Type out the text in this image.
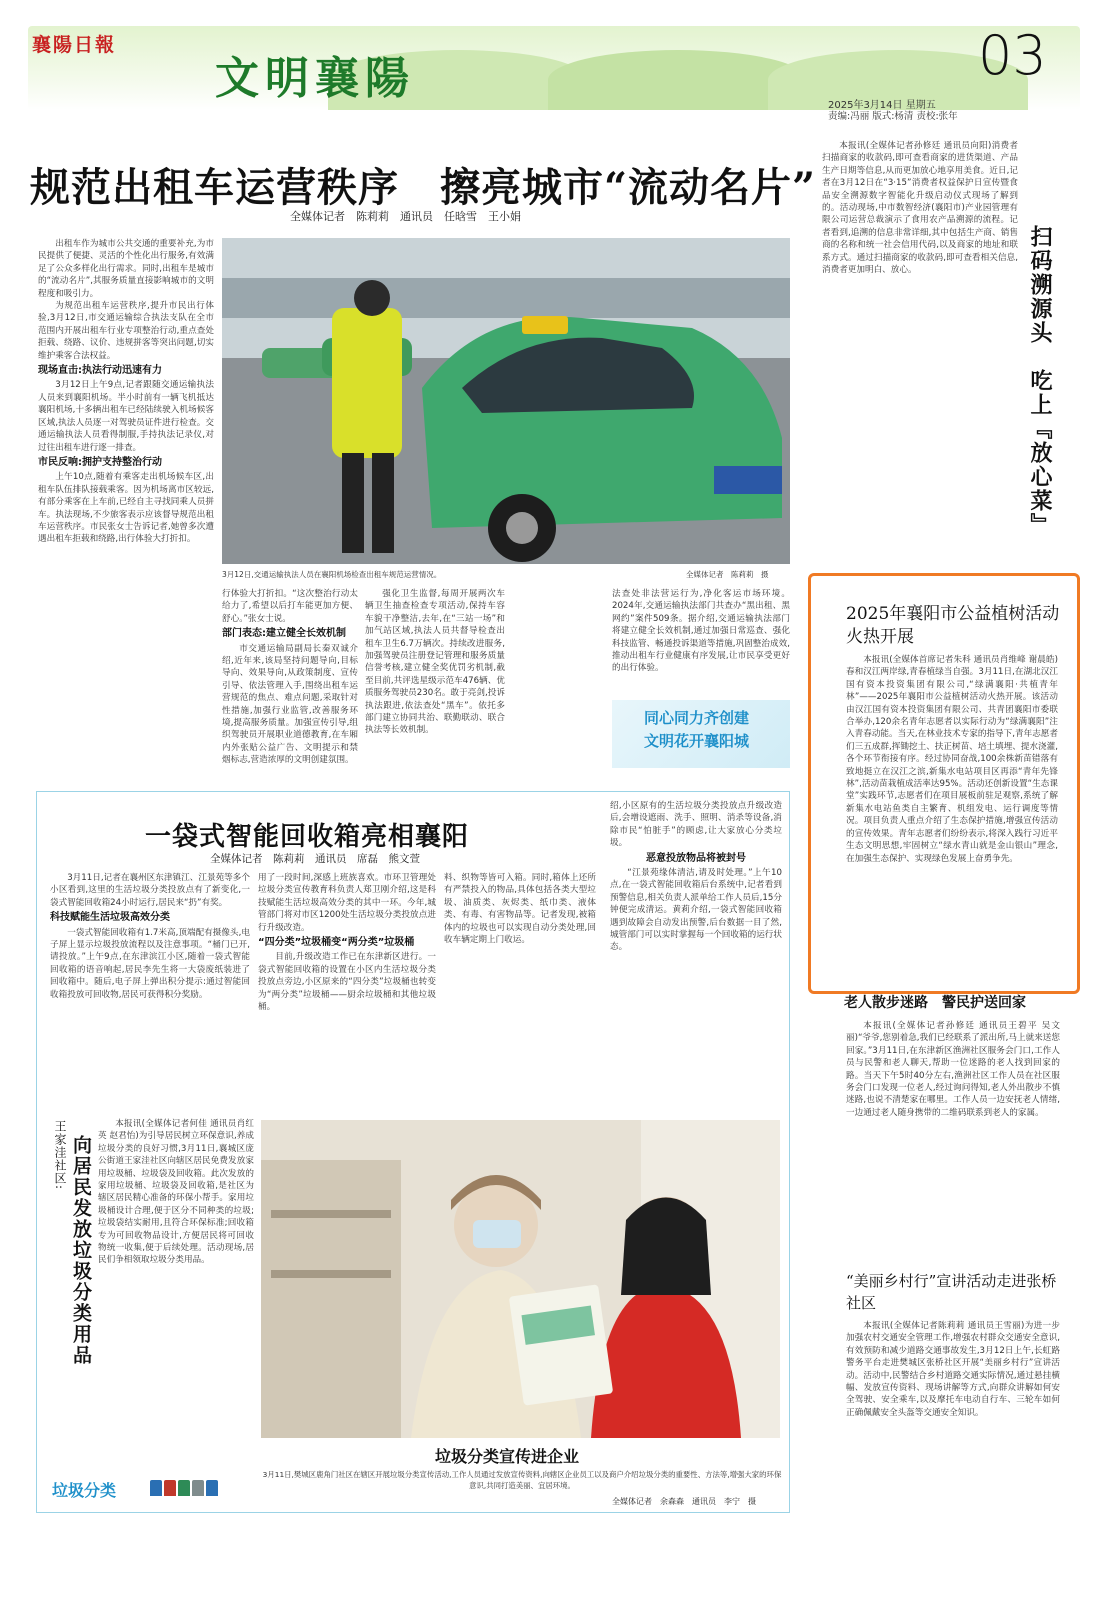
襄陽日報
文明襄陽	03
2025年3月14日 星期五
责编:冯丽 版式:杨清 责校:张年
规范出租车运营秩序　擦亮城市“流动名片”
全媒体记者　陈莉莉　通讯员　任晗雪　王小娟
出租车作为城市公共交通的重要补充,为市民提供了便捷、灵活的个性化出行服务,有效满足了公众多样化出行需求。同时,出租车是城市的“流动名片”,其服务质量直接影响城市的文明程度和吸引力。
为规范出租车运营秩序,提升市民出行体验,3月12日,市交通运输综合执法支队在全市范围内开展出租车行业专项整治行动,重点查处拒载、绕路、议价、违规拼客等突出问题,切实维护乘客合法权益。
现场直击:执法行动迅速有力
3月12日上午9点,记者跟随交通运输执法人员来到襄阳机场。半小时前有一辆飞机抵达襄阳机场,十多辆出租车已经陆续驶入机场候客区域,执法人员逐一对驾驶员证件进行检查。交通运输执法人员看得制服,手持执法记录仪,对过往出租车进行逐一排查。
市民反响:拥护支持整治行动
上午10点,随着有乘客走出机场候车区,出租车队伍排队接载乘客。因为机场离市区较远,有部分乘客在上车前,已经自主寻找同乘人员拼车。执法现场,不少旅客表示应该督导规范出租车运营秩序。市民张女士告诉记者,她曾多次遭遇出租车拒载和绕路,出行体验大打折扣。
3月12日,交通运输执法人员在襄阳机场检查出租车规范运营情况。	全媒体记者　陈莉莉　摄
行体验大打折扣。“这次整治行动太给力了,希望以后打车能更加方便、舒心。”张女士说。
部门表态:建立健全长效机制
市交通运输局副局长秦双诚介绍,近年来,该局坚持问题导向,目标导向、效果导向,从政策制度、宣传引导、依法管理入手,围绕出租车运营规范的焦点、难点问题,采取针对性措施,加强行业监管,改善服务环境,提高服务质量。加强宣传引导,组织驾驶员开展职业道德教育,在车厢内外张贴公益广告、文明提示和禁烟标志,营造浓厚的文明创建氛围。
强化卫生监督,每周开展两次车辆卫生抽查检查专项活动,保持车容车貌干净整洁,去年,在“三站一场”和加气站区域,执法人员共督导检查出租车卫生6.7万辆次。持续改进服务,加强驾驶员注册登记管理和服务质量信誉考核,建立健全奖优罚劣机制,截至目前,共评选星级示范车476辆、优质服务驾驶员230名。敢于亮剑,投诉执法跟进,依法查处“黑车”。依托多部门建立协同共治、联勤联动、联合执法等长效机制。
法查处非法营运行为,净化客运市场环境。2024年,交通运输执法部门共查办“黑出租、黑网约”案件509条。据介绍,交通运输执法部门将建立健全长效机制,通过加强日常巡查、强化科技监管、畅通投诉渠道等措施,巩固整治成效,推动出租车行业健康有序发展,让市民享受更好的出行体验。
同心同力齐创建
文明花开襄阳城
本报讯(全媒体记者孙修廷 通讯员向阳)消费者扫描商家的收款码,即可查看商家的进货渠道、产品生产日期等信息,从而更加放心地享用美食。近日,记者在3月12日在“3·15”消费者权益保护日宣传暨食品安全溯源数字智能化升级启动仪式现场了解到的。活动现场,中市数智经济(襄阳市)产业园管理有限公司运营总裁演示了食用农产品溯源的流程。记者看到,追溯的信息非常详细,其中包括生产商、销售商的名称和统一社会信用代码,以及商家的地址和联系方式。通过扫描商家的收款码,即可查看相关信息,消费者更加明白、放心。	扫码溯源头　吃上『放心菜』
2025年襄阳市公益植树活动火热开展
本报讯(全媒体首席记者朱科 通讯员肖维峰 谢晨皓)春和汉江两岸绿,青春植绿当自强。3月11日,在湖北汉江国有资本投资集团有限公司,“绿满襄阳·共植青年林”——2025年襄阳市公益植树活动火热开展。该活动由汉江国有资本投资集团有限公司、共青团襄阳市委联合举办,120余名青年志愿者以实际行动为“绿满襄阳”注入青春动能。当天,在林业技术专家的指导下,青年志愿者们三五成群,挥锄挖土、扶正树苗、培土填埋、提水浇灌,各个环节衔接有序。经过协同奋战,100余株新苗错落有致地挺立在汉江之滨,新集水电站项目区再添“青年先锋林”,活动苗栽植成活率达95%。活动还创新设置“生态课堂”实践环节,志愿者们在项目展板前驻足观察,系统了解新集水电站鱼类自主繁育、机组发电、运行调度等情况。项目负责人重点介绍了生态保护措施,增强宣传活动的宣传效果。青年志愿者们纷纷表示,将深入践行习近平生态文明思想,牢固树立“绿水青山就是金山银山”理念,在加强生态保护、实现绿色发展上奋勇争先。
一袋式智能回收箱亮相襄阳
全媒体记者　陈莉莉　通讯员　席磊　熊文萱
3月11日,记者在襄州区东津镇江、江景苑等多个小区看到,这里的生活垃圾分类投放点有了新变化,一袋式智能回收箱24小时运行,居民来“扔”有奖。
科技赋能生活垃圾高效分类
一袋式智能回收箱有1.7米高,顶端配有摄像头,电子屏上显示垃圾投放流程以及注意事项。“桶门已开,请投放。”上午9点,在东津滨江小区,随着一袋式智能回收箱的语音响起,居民李先生将一大袋废纸装进了回收箱中。随后,电子屏上弹出积分提示:通过智能回收箱投放可回收物,居民可获得积分奖励。
用了一段时间,深感上班族喜欢。市环卫管理处垃圾分类宣传教育科负责人郑卫刚介绍,这是科技赋能生活垃圾高效分类的其中一环。今年,城管部门将对市区1200处生活垃圾分类投放点进行升级改造。
“四分类”垃圾桶变“两分类”垃圾桶
目前,升级改造工作已在东津新区进行。一袋式智能回收箱的设置在小区内生活垃圾分类投放点旁边,小区原来的“四分类”垃圾桶也转变为“两分类”垃圾桶——厨余垃圾桶和其他垃圾桶。
料、织物等皆可入箱。同时,箱体上还所有严禁投入的物品,具体包括各类大型垃圾、油质类、灰烬类、纸巾类、液体类、有毒、有害物品等。记者发现,被箱体内的垃圾也可以实现自动分类处理,回收车辆定期上门收运。
绍,小区原有的生活垃圾分类投放点升级改造后,会增设遮雨、洗手、照明、消杀等设备,消除市民“怕脏手”的顾虑,让大家放心分类垃圾。
恶意投放物品将被封号
“江景苑缘体清洁,请及时处理。”上午10点,在一袋式智能回收箱后台系统中,记者看到预警信息,相关负责人派单给工作人员后,15分钟便完成清运。黄莉介绍,一袋式智能回收箱遇到故障会自动发出预警,后台数据一目了然,城管部门可以实时掌握每一个回收箱的运行状态。
王家洼社区: 向居民发放垃圾分类用品
本报讯(全媒体记者何佳 通讯员肖红英 赵君怡)为引导居民树立环保意识,养成垃圾分类的良好习惯,3月11日,襄城区庞公街道王家洼社区向辖区居民免费发放家用垃圾桶、垃圾袋及回收箱。此次发放的家用垃圾桶、垃圾袋及回收箱,是社区为辖区居民精心准备的环保小帮手。家用垃圾桶设计合理,便于区分不同种类的垃圾;垃圾袋结实耐用,且符合环保标准;回收箱专为可回收物品设计,方便居民将可回收物统一收集,便于后续处理。活动现场,居民们争相领取垃圾分类用品。
垃圾分类
垃圾分类宣传进企业
3月11日,樊城区鹿角门社区在辖区开展垃圾分类宣传活动,工作人员通过发放宣传资料,向辖区企业员工以及商户介绍垃圾分类的重要性、方法等,增强大家的环保意识,共同打造美丽、宜居环境。
全媒体记者　余森森　通讯员　李宁　摄
老人散步迷路　警民护送回家
本报讯(全媒体记者孙修廷 通讯员王碧平 吴文丽)“爷爷,您别着急,我们已经联系了派出所,马上就来送您回家。”3月11日,在东津新区渔洲社区服务会门口,工作人员与民警和老人聊天,帮助一位迷路的老人找到回家的路。当天下午5时40分左右,渔洲社区工作人员在社区服务会门口发现一位老人,经过询问得知,老人外出散步不慎迷路,也说不清楚家在哪里。工作人员一边安抚老人情绪,一边通过老人随身携带的二维码联系到老人的家属。
“美丽乡村行”宣讲活动走进张桥社区
本报讯(全媒体记者陈莉莉 通讯员王雪丽)为进一步加强农村交通安全管理工作,增强农村群众交通安全意识,有效预防和减少道路交通事故发生,3月12日上午,长虹路警务平台走进樊城区张桥社区开展“美丽乡村行”宣讲活动。活动中,民警结合乡村道路交通实际情况,通过悬挂横幅、发放宣传资料、现场讲解等方式,向群众讲解如何安全驾驶、安全乘车,以及摩托车电动自行车、三轮车如何正确佩戴安全头盔等交通安全知识。
